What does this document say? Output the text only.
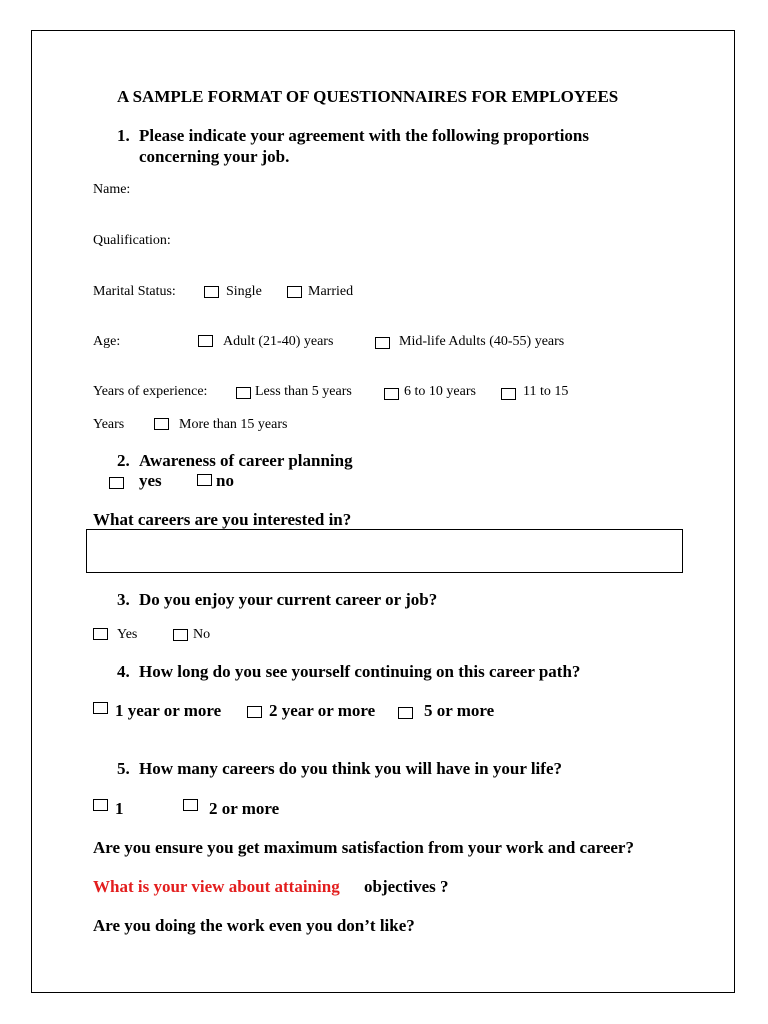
A SAMPLE FORMAT OF QUESTIONNAIRES FOR EMPLOYEES
1. Please indicate your agreement with the following proportions
concerning your job.
Name:
Qualification:
Marital Status:	Single	Married
Age:	Adult (21-40) years	Mid-life Adults (40-55) years
Years of experience:	Less than 5 years	6 to 10 years	11 to 15
Years	More than 15 years
2. Awareness of career planning
yes	no
What careers are you interested in?
3. Do you enjoy your current career or job?
Yes	No
4. How long do you see yourself continuing on this career path?
1 year or more	2 year or more	5 or more
5. How many careers do you think you will have in your life?
1	2 or more
Are you ensure you get maximum satisfaction from your work and career?
What is your view about attaining objectives ?
Are you doing the work even you don’t like?
